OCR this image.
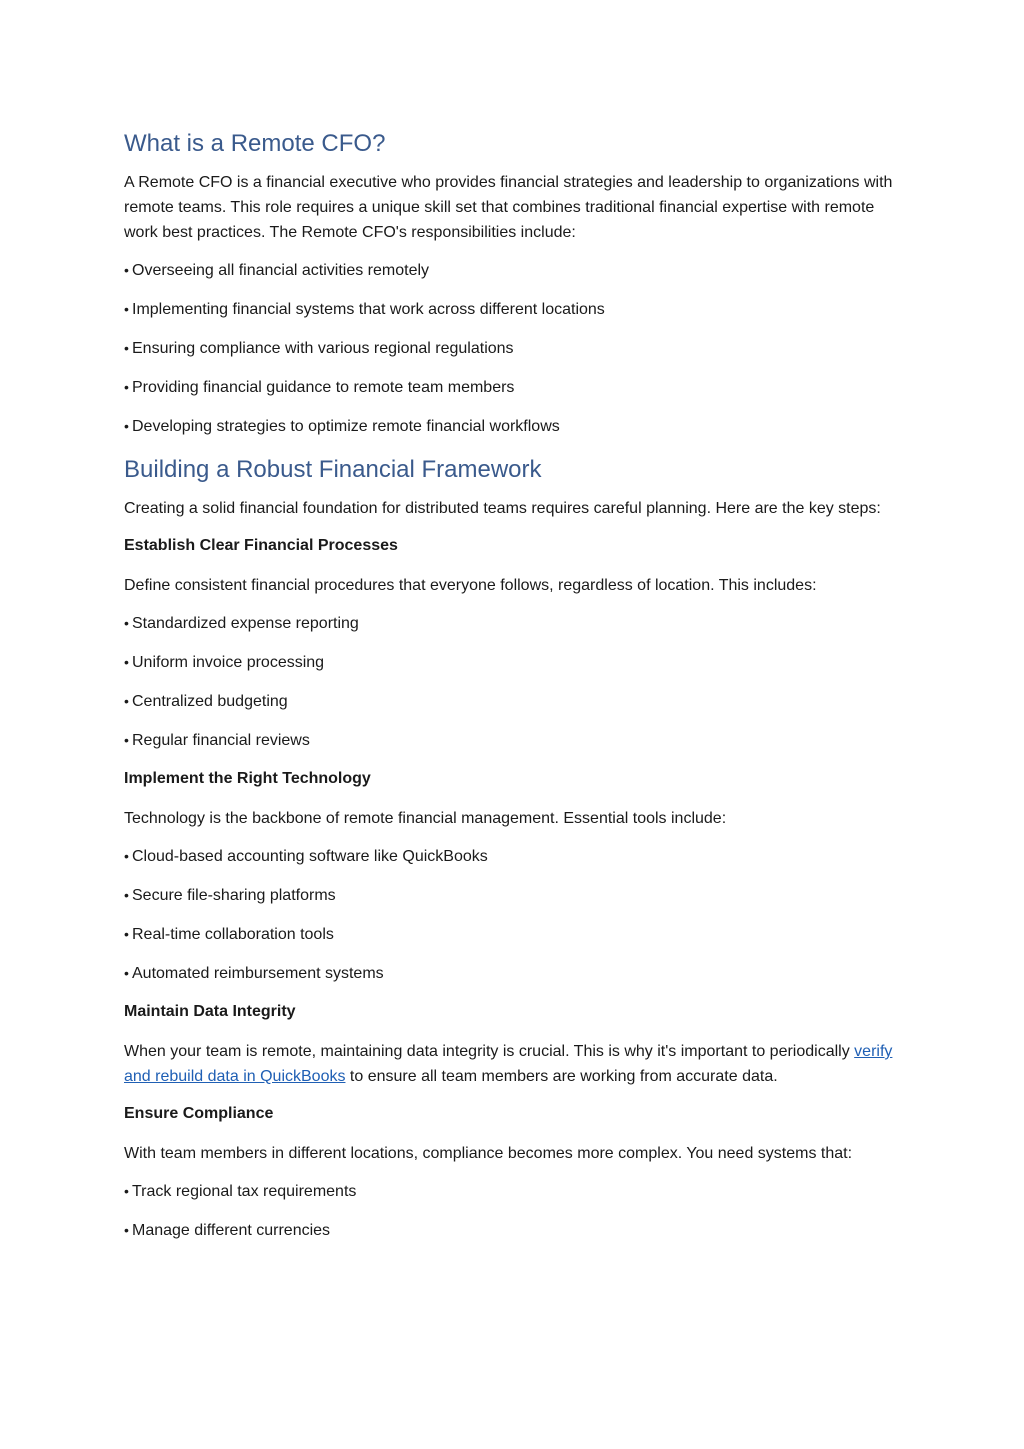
What is a Remote CFO?

A Remote CFO is a financial executive who provides financial strategies and leadership to organizations with remote teams. This role requires a unique skill set that combines traditional financial expertise with remote work best practices. The Remote CFO's responsibilities include:

• Overseeing all financial activities remotely
• Implementing financial systems that work across different locations
• Ensuring compliance with various regional regulations
• Providing financial guidance to remote team members
• Developing strategies to optimize remote financial workflows
Building a Robust Financial Framework

Creating a solid financial foundation for distributed teams requires careful planning. Here are the key steps:

Establish Clear Financial Processes

Define consistent financial procedures that everyone follows, regardless of location. This includes:

• Standardized expense reporting
• Uniform invoice processing
• Centralized budgeting
• Regular financial reviews
Implement the Right Technology

Technology is the backbone of remote financial management. Essential tools include:

• Cloud-based accounting software like QuickBooks
• Secure file-sharing platforms
• Real-time collaboration tools
• Automated reimbursement systems
Maintain Data Integrity

When your team is remote, maintaining data integrity is crucial. This is why it's important to periodically verify and rebuild data in QuickBooks to ensure all team members are working from accurate data.

Ensure Compliance

With team members in different locations, compliance becomes more complex. You need systems that:

• Track regional tax requirements
• Manage different currencies
